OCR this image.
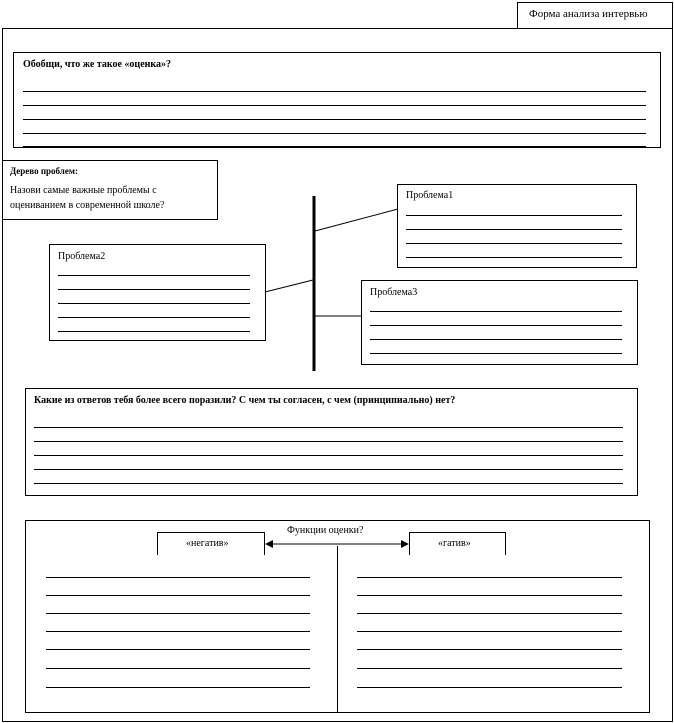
Форма анализа интервью
Обобщи, что же такое «оценка»?
Дерево проблем:
Назови самые важные проблемы с
оцениванием в современной школе?
Проблема1
Проблема2
Проблема3
Какие из ответов тебя более всего поразили? С чем ты согласен, с чем (принципиально) нет?
Функции оценки?
«негатив»	«гатив»
